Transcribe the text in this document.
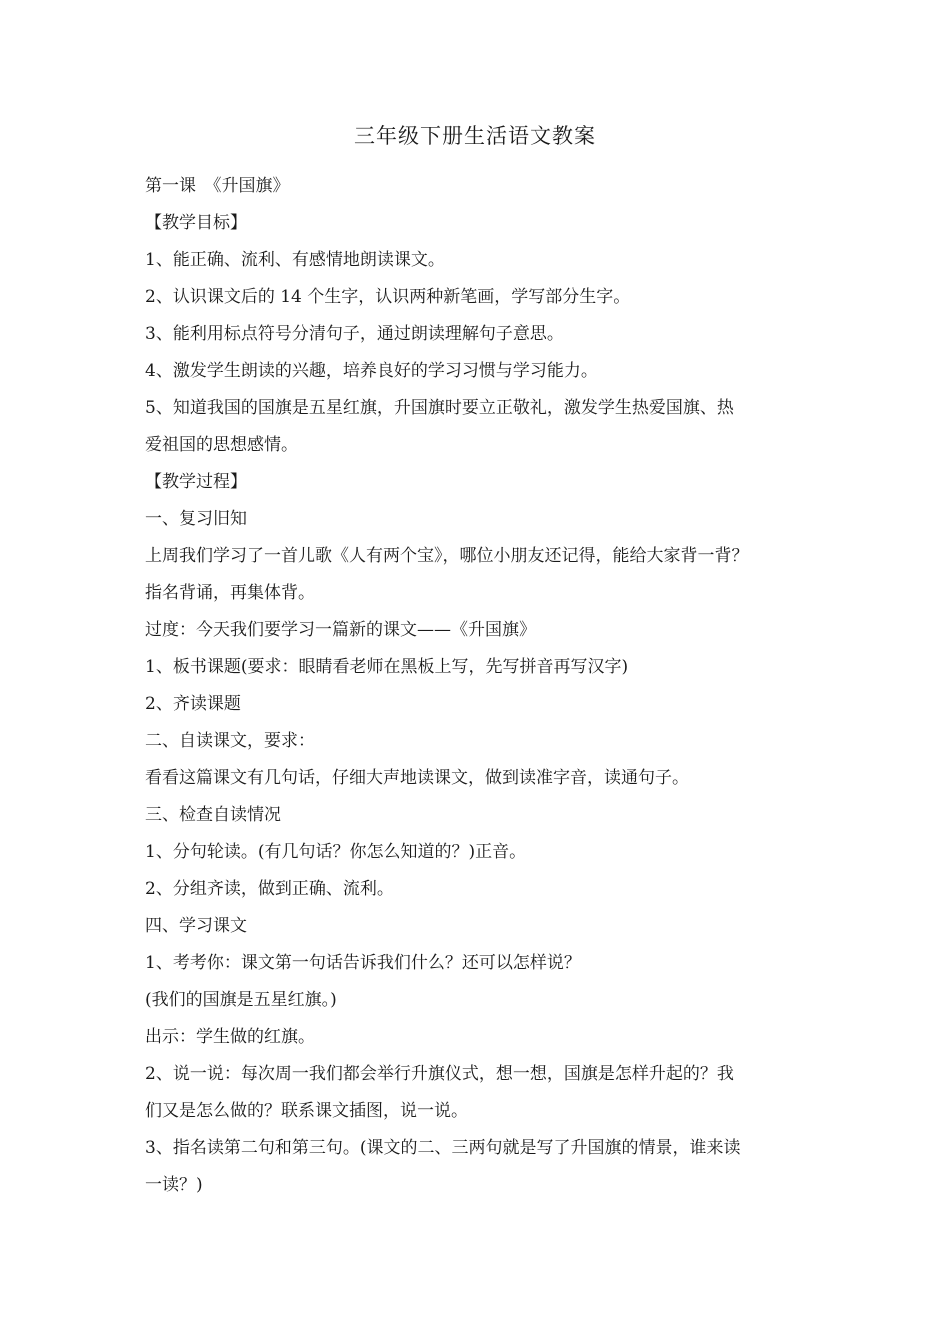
三年级下册生活语文教案

第一课　《升国旗》

【教学目标】

1、能正确、流利、有感情地朗读课文。

2、认识课文后的 14 个生字，认识两种新笔画，学写部分生字。

3、能利用标点符号分清句子，通过朗读理解句子意思。

4、激发学生朗读的兴趣，培养良好的学习习惯与学习能力。

5、知道我国的国旗是五星红旗，升国旗时要立正敬礼，激发学生热爱国旗、热

爱祖国的思想感情。

【教学过程】

一、复习旧知

上周我们学习了一首儿歌《人有两个宝》，哪位小朋友还记得，能给大家背一背？

指名背诵，再集体背。

过度：今天我们要学习一篇新的课文——《升国旗》

1、板书课题(要求：眼睛看老师在黑板上写，先写拼音再写汉字)

2、齐读课题

二、自读课文，要求：

看看这篇课文有几句话，仔细大声地读课文，做到读准字音，读通句子。

三、检查自读情况

1、分句轮读。(有几句话？你怎么知道的？)正音。

2、分组齐读，做到正确、流利。

四、学习课文

1、考考你：课文第一句话告诉我们什么？还可以怎样说？

(我们的国旗是五星红旗。)

出示：学生做的红旗。

2、说一说：每次周一我们都会举行升旗仪式，想一想，国旗是怎样升起的？我

们又是怎么做的？联系课文插图，说一说。

3、指名读第二句和第三句。(课文的二、三两句就是写了升国旗的情景，谁来读

一读？)
